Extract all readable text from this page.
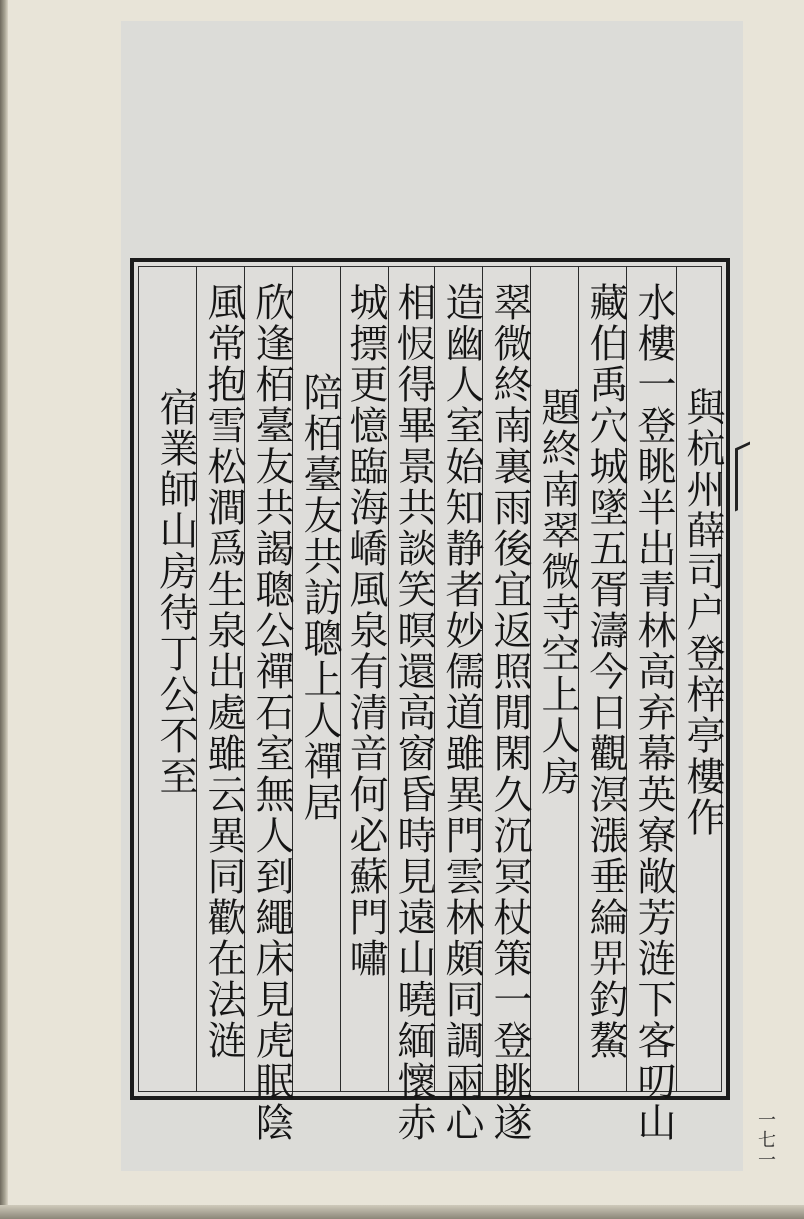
與杭州薛司户登梓亭樓作
水樓一登眺半出青林高弃幕英寮敞芳涟下客叨山
藏伯禹穴城墜五胥濤今日觀溟漲垂綸𢌿釣鰲
題終南翠微寺空上人房
翠微終南裏雨後宜返照閒閑久沉冥杖策一登眺遂
造幽人室始知静者妙儒道雖異門雲林頗同調兩心
相𢘎得畢景共談笑暝還高窗昏時見遠山曉緬懷赤
城摽更憶臨海嶠風泉有清音何必蘇門嘯
陪栢臺友共訪聰上人禪居
欣逢栢臺友共謁聰公禪石室無人到繩床見虎眠陰
風常抱雪松澗爲生泉出處雖云異同歡在法涟
宿業師山房待丁公不至
一七一
